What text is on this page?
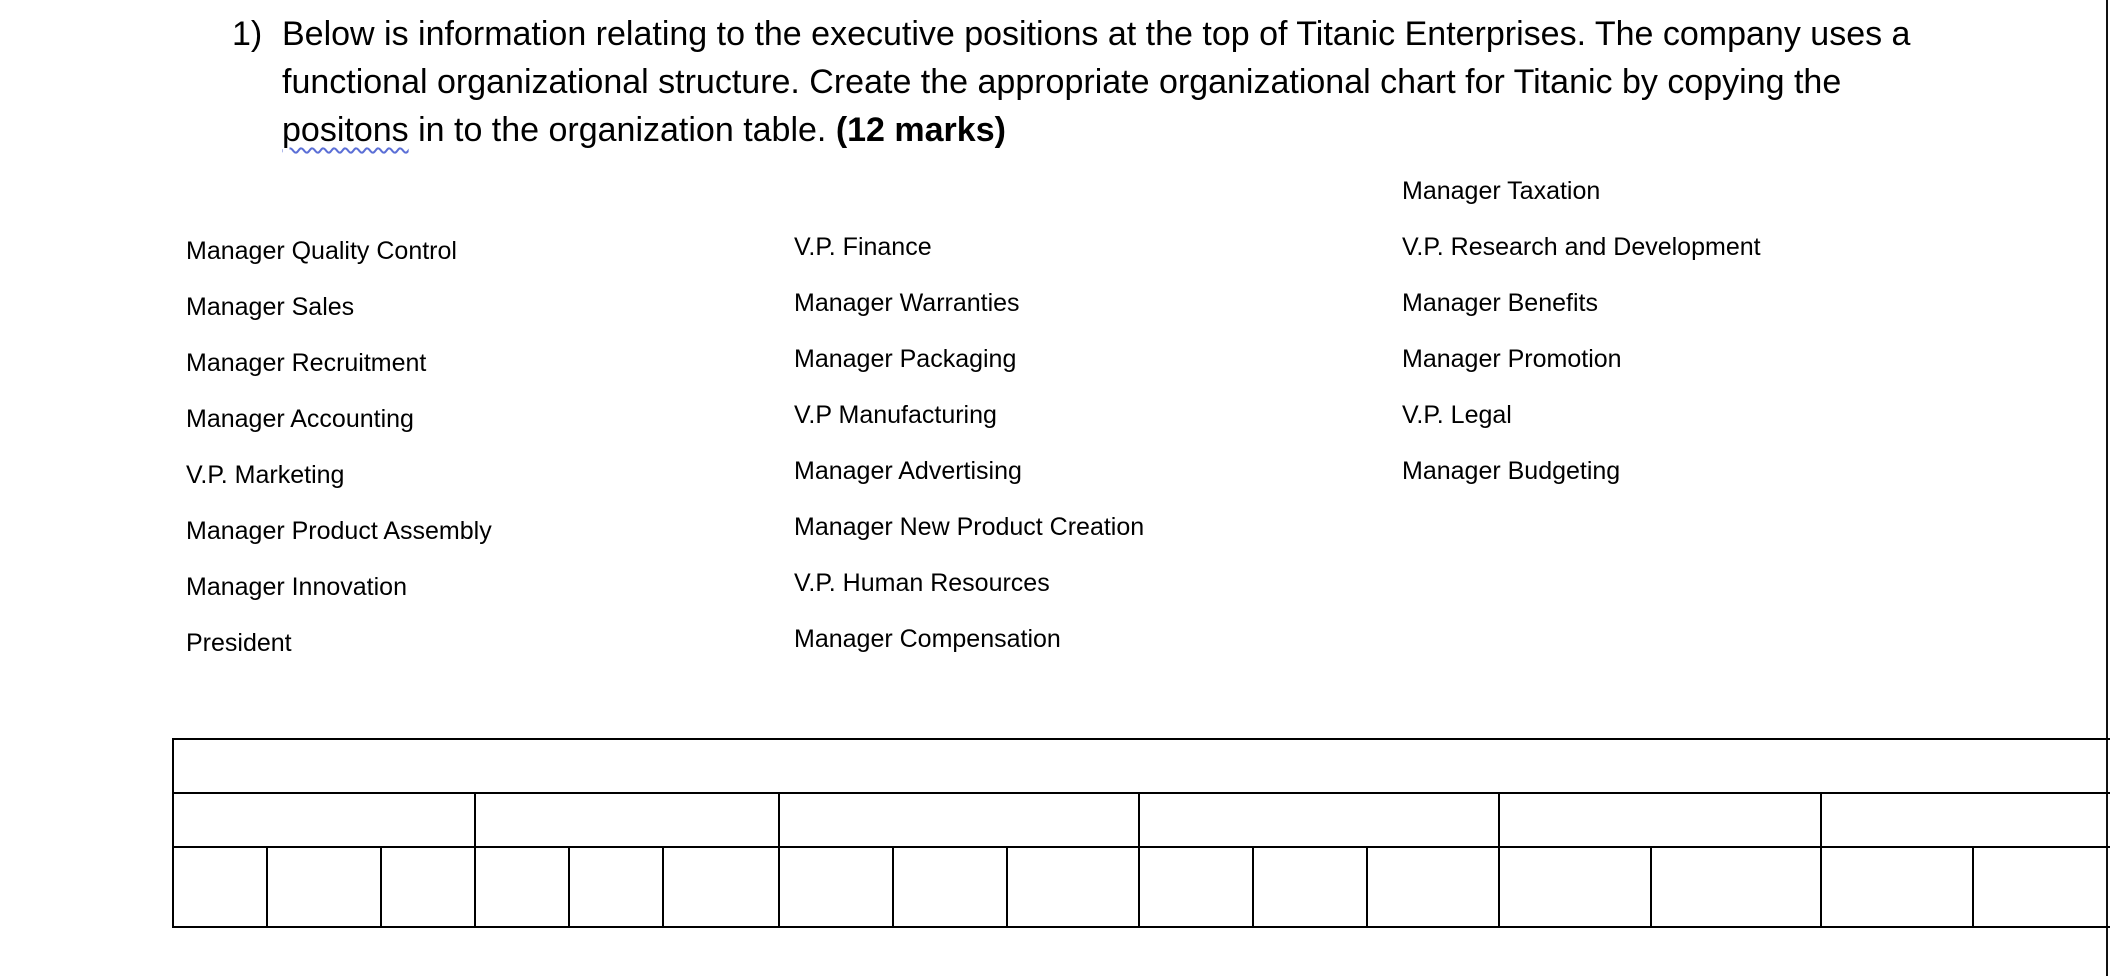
1) Below is information relating to the executive positions at the top of Titanic Enterprises. The company uses a functional organizational structure. Create the appropriate organizational chart for Titanic by copying the positons in to the organization table. (12 marks)
Manager Quality Control
Manager Sales
Manager Recruitment
Manager Accounting
V.P. Marketing
Manager Product Assembly
Manager Innovation
President
V.P. Finance
Manager Warranties
Manager Packaging
V.P Manufacturing
Manager Advertising
Manager New Product Creation
V.P. Human Resources
Manager Compensation
Manager Taxation
V.P. Research and Development
Manager Benefits
Manager Promotion
V.P. Legal
Manager Budgeting
